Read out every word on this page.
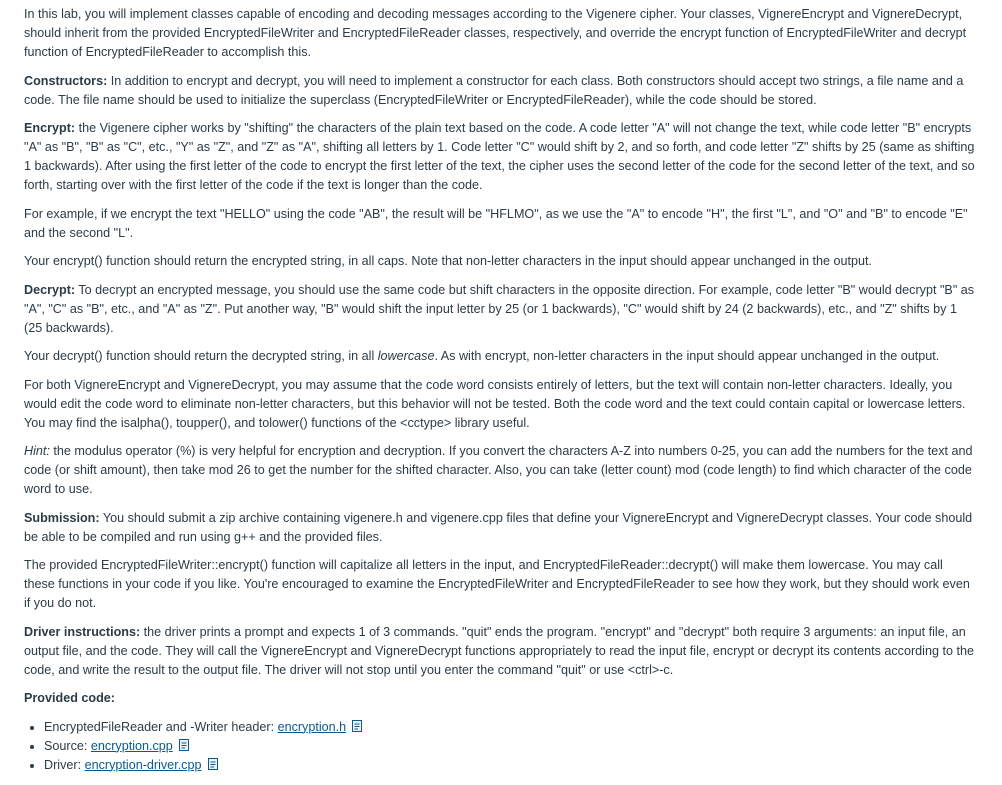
In this lab, you will implement classes capable of encoding and decoding messages according to the Vigenere cipher. Your classes, VignereEncrypt and VignereDecrypt, should inherit from the provided EncryptedFileWriter and EncryptedFileReader classes, respectively, and override the encrypt function of EncryptedFileWriter and decrypt function of EncryptedFileReader to accomplish this.

Constructors: In addition to encrypt and decrypt, you will need to implement a constructor for each class. Both constructors should accept two strings, a file name and a code. The file name should be used to initialize the superclass (EncryptedFileWriter or EncryptedFileReader), while the code should be stored.

Encrypt: the Vigenere cipher works by "shifting" the characters of the plain text based on the code. A code letter "A" will not change the text, while code letter "B" encrypts "A" as "B", "B" as "C", etc., "Y" as "Z", and "Z" as "A", shifting all letters by 1. Code letter "C" would shift by 2, and so forth, and code letter "Z" shifts by 25 (same as shifting 1 backwards). After using the first letter of the code to encrypt the first letter of the text, the cipher uses the second letter of the code for the second letter of the text, and so forth, starting over with the first letter of the code if the text is longer than the code.

For example, if we encrypt the text "HELLO" using the code "AB", the result will be "HFLMO", as we use the "A" to encode "H", the first "L", and "O" and "B" to encode "E" and the second "L".

Your encrypt() function should return the encrypted string, in all caps. Note that non-letter characters in the input should appear unchanged in the output.

Decrypt: To decrypt an encrypted message, you should use the same code but shift characters in the opposite direction. For example, code letter "B" would decrypt "B" as "A", "C" as "B", etc., and "A" as "Z". Put another way, "B" would shift the input letter by 25 (or 1 backwards), "C" would shift by 24 (2 backwards), etc., and "Z" shifts by 1 (25 backwards).

Your decrypt() function should return the decrypted string, in all lowercase. As with encrypt, non-letter characters in the input should appear unchanged in the output.

For both VignereEncrypt and VignereDecrypt, you may assume that the code word consists entirely of letters, but the text will contain non-letter characters. Ideally, you would edit the code word to eliminate non-letter characters, but this behavior will not be tested. Both the code word and the text could contain capital or lowercase letters. You may find the isalpha(), toupper(), and tolower() functions of the <cctype> library useful.

Hint: the modulus operator (%) is very helpful for encryption and decryption. If you convert the characters A-Z into numbers 0-25, you can add the numbers for the text and code (or shift amount), then take mod 26 to get the number for the shifted character. Also, you can take (letter count) mod (code length) to find which character of the code word to use.

Submission: You should submit a zip archive containing vigenere.h and vigenere.cpp files that define your VignereEncrypt and VignereDecrypt classes. Your code should be able to be compiled and run using g++ and the provided files.

The provided EncryptedFileWriter::encrypt() function will capitalize all letters in the input, and EncryptedFileReader::decrypt() will make them lowercase. You may call these functions in your code if you like. You're encouraged to examine the EncryptedFileWriter and EncryptedFileReader to see how they work, but they should work even if you do not.

Driver instructions: the driver prints a prompt and expects 1 of 3 commands. "quit" ends the program. "encrypt" and "decrypt" both require 3 arguments: an input file, an output file, and the code. They will call the VignereEncrypt and VignereDecrypt functions appropriately to read the input file, encrypt or decrypt its contents according to the code, and write the result to the output file. The driver will not stop until you enter the command "quit" or use <ctrl>-c.

Provided code:

• EncryptedFileReader and -Writer header: encryption.h
• Source: encryption.cpp
• Driver: encryption-driver.cpp
